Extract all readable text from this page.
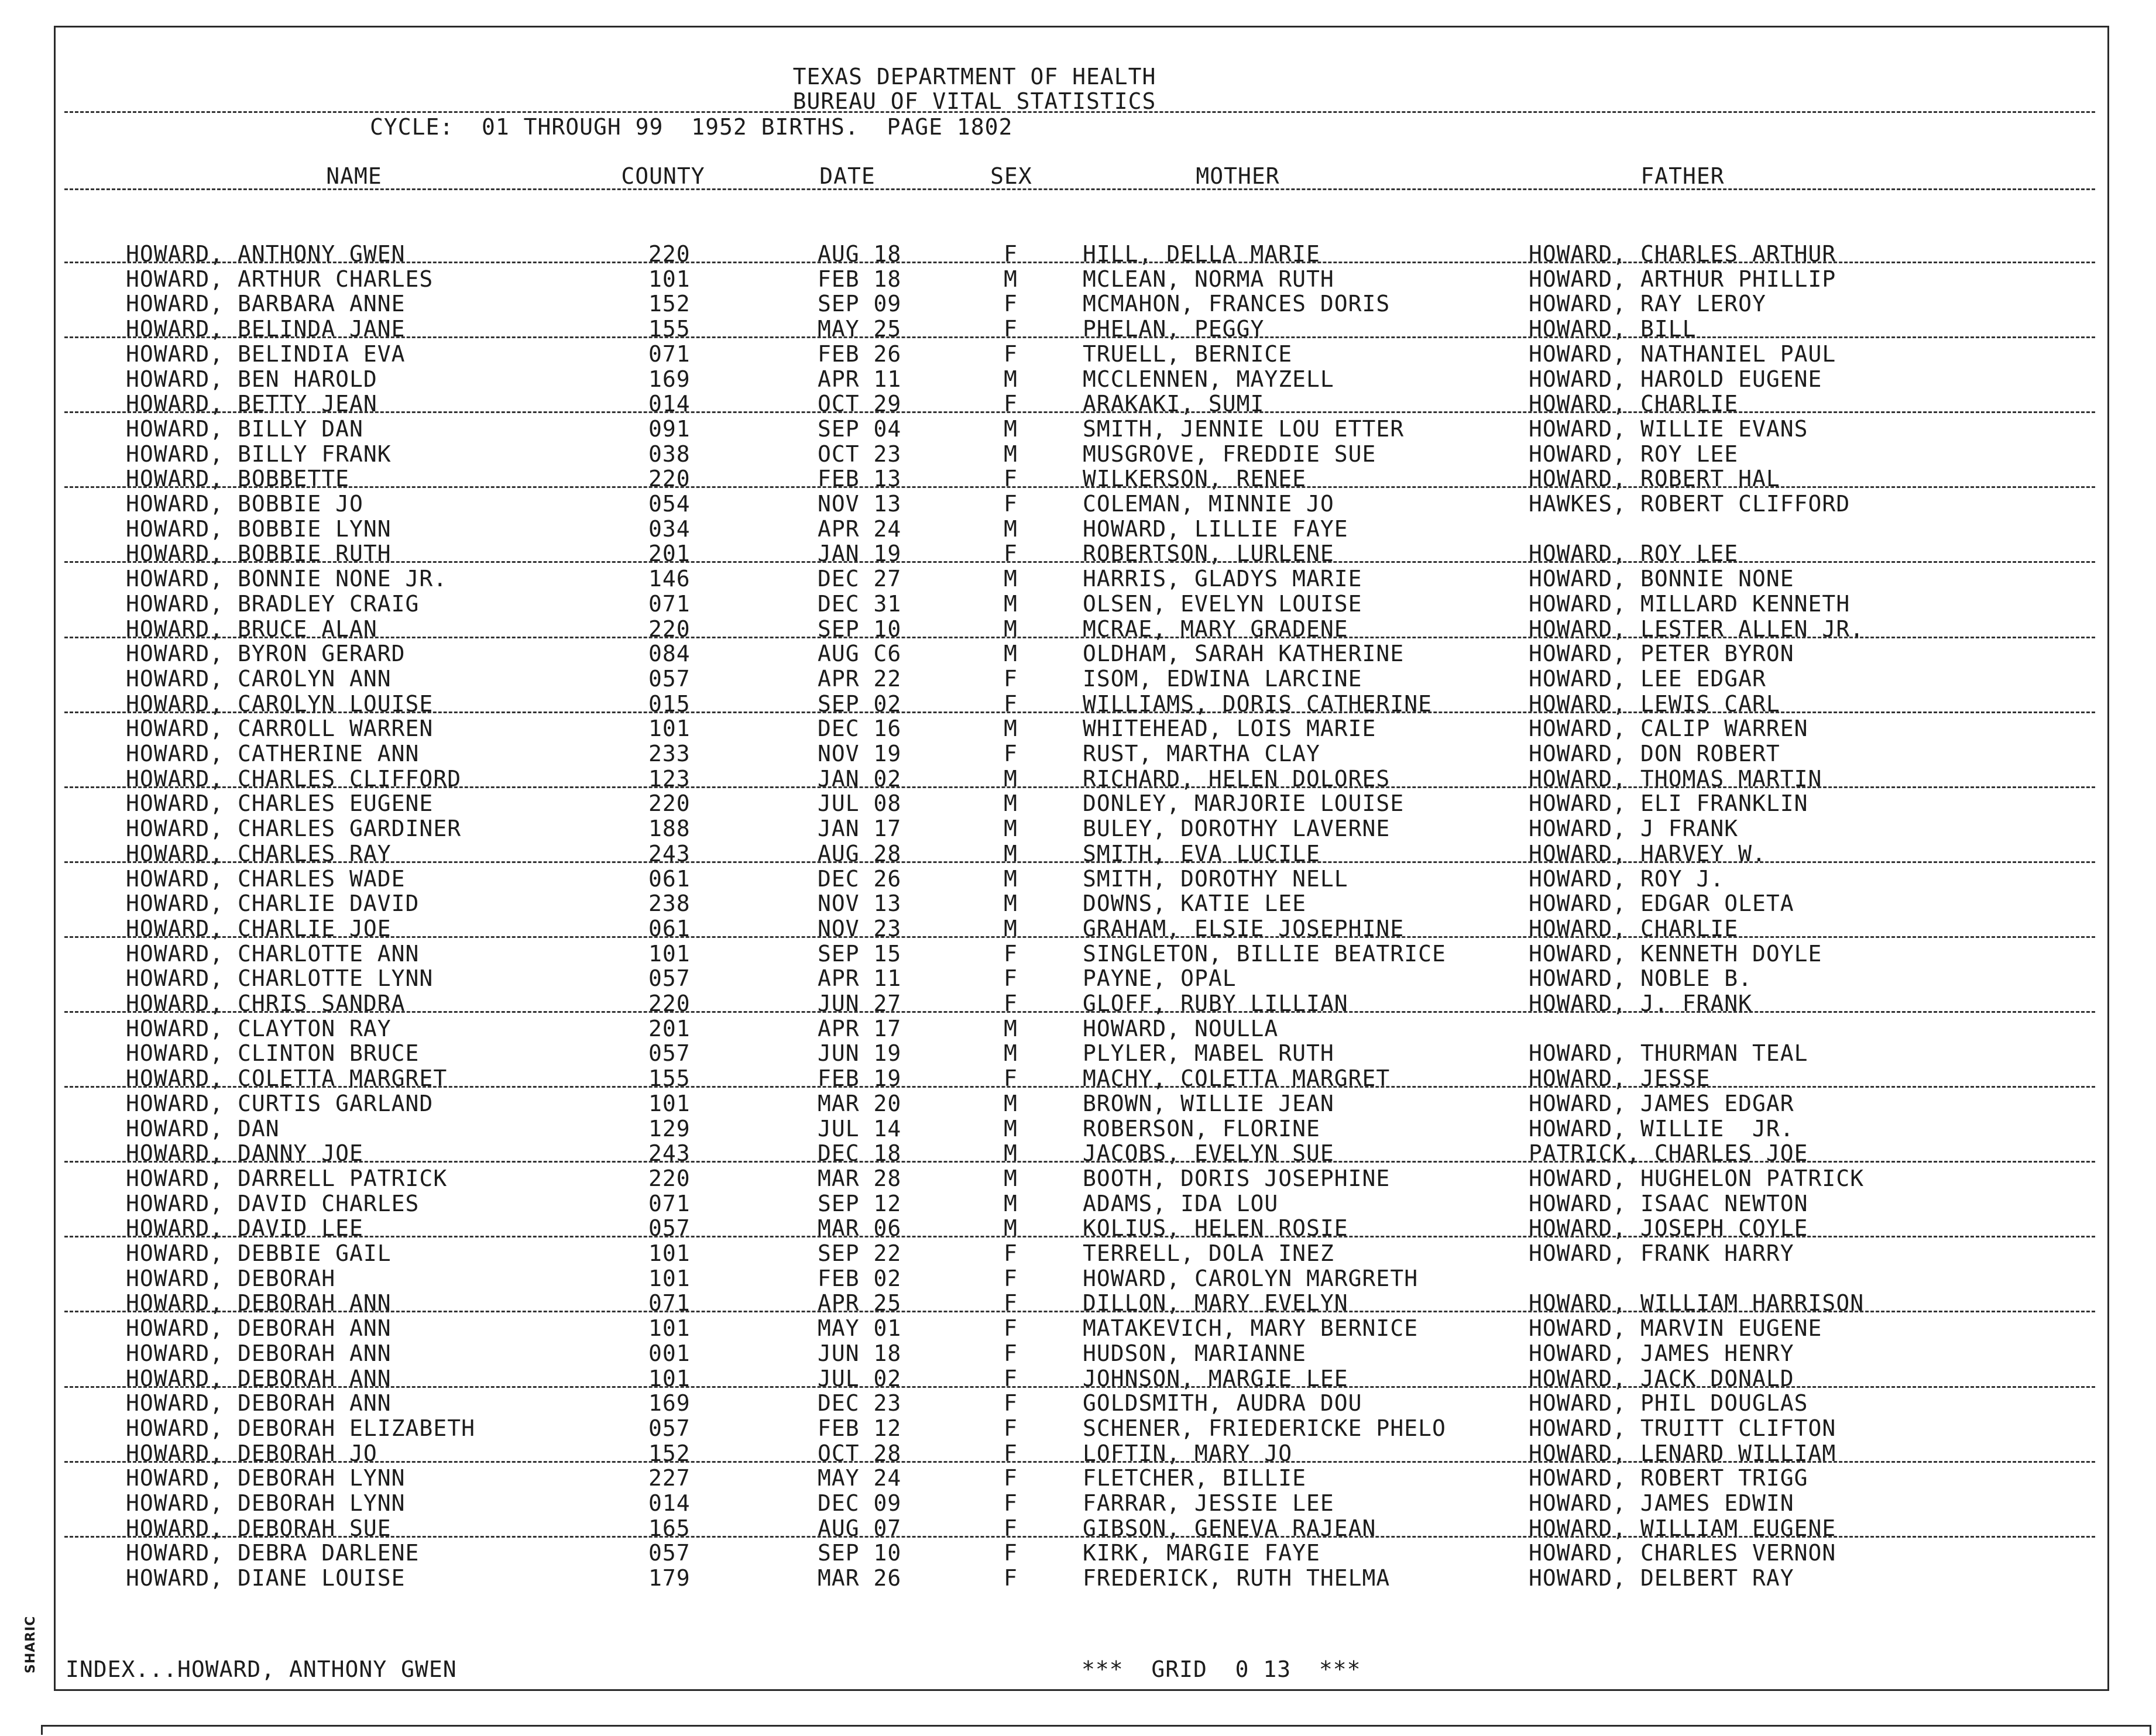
TEXAS DEPARTMENT OF HEALTH
BUREAU OF VITAL STATISTICS
CYCLE:  01 THROUGH 99  1952 BIRTHS.  PAGE 1802
NAME	COUNTY	DATE	SEX	MOTHER	FATHER
HOWARD, ANTHONY GWEN	220	AUG 18	F	HILL, DELLA MARIE	HOWARD, CHARLES ARTHUR
HOWARD, ARTHUR CHARLES	101	FEB 18	M	MCLEAN, NORMA RUTH	HOWARD, ARTHUR PHILLIP
HOWARD, BARBARA ANNE	152	SEP 09	F	MCMAHON, FRANCES DORIS	HOWARD, RAY LEROY
HOWARD, BELINDA JANE	155	MAY 25	F	PHELAN, PEGGY	HOWARD, BILL
HOWARD, BELINDIA EVA	071	FEB 26	F	TRUELL, BERNICE	HOWARD, NATHANIEL PAUL
HOWARD, BEN HAROLD	169	APR 11	M	MCCLENNEN, MAYZELL	HOWARD, HAROLD EUGENE
HOWARD, BETTY JEAN	014	OCT 29	F	ARAKAKI, SUMI	HOWARD, CHARLIE
HOWARD, BILLY DAN	091	SEP 04	M	SMITH, JENNIE LOU ETTER	HOWARD, WILLIE EVANS
HOWARD, BILLY FRANK	038	OCT 23	M	MUSGROVE, FREDDIE SUE	HOWARD, ROY LEE
HOWARD, BOBBETTE	220	FEB 13	F	WILKERSON, RENEE	HOWARD, ROBERT HAL
HOWARD, BOBBIE JO	054	NOV 13	F	COLEMAN, MINNIE JO	HAWKES, ROBERT CLIFFORD
HOWARD, BOBBIE LYNN	034	APR 24	M	HOWARD, LILLIE FAYE
HOWARD, BOBBIE RUTH	201	JAN 19	F	ROBERTSON, LURLENE	HOWARD, ROY LEE
HOWARD, BONNIE NONE JR.	146	DEC 27	M	HARRIS, GLADYS MARIE	HOWARD, BONNIE NONE
HOWARD, BRADLEY CRAIG	071	DEC 31	M	OLSEN, EVELYN LOUISE	HOWARD, MILLARD KENNETH
HOWARD, BRUCE ALAN	220	SEP 10	M	MCRAE, MARY GRADENE	HOWARD, LESTER ALLEN JR.
HOWARD, BYRON GERARD	084	AUG C6	M	OLDHAM, SARAH KATHERINE	HOWARD, PETER BYRON
HOWARD, CAROLYN ANN	057	APR 22	F	ISOM, EDWINA LARCINE	HOWARD, LEE EDGAR
HOWARD, CAROLYN LOUISE	015	SEP 02	F	WILLIAMS, DORIS CATHERINE	HOWARD, LEWIS CARL
HOWARD, CARROLL WARREN	101	DEC 16	M	WHITEHEAD, LOIS MARIE	HOWARD, CALIP WARREN
HOWARD, CATHERINE ANN	233	NOV 19	F	RUST, MARTHA CLAY	HOWARD, DON ROBERT
HOWARD, CHARLES CLIFFORD	123	JAN 02	M	RICHARD, HELEN DOLORES	HOWARD, THOMAS MARTIN
HOWARD, CHARLES EUGENE	220	JUL 08	M	DONLEY, MARJORIE LOUISE	HOWARD, ELI FRANKLIN
HOWARD, CHARLES GARDINER	188	JAN 17	M	BULEY, DOROTHY LAVERNE	HOWARD, J FRANK
HOWARD, CHARLES RAY	243	AUG 28	M	SMITH, EVA LUCILE	HOWARD, HARVEY W.
HOWARD, CHARLES WADE	061	DEC 26	M	SMITH, DOROTHY NELL	HOWARD, ROY J.
HOWARD, CHARLIE DAVID	238	NOV 13	M	DOWNS, KATIE LEE	HOWARD, EDGAR OLETA
HOWARD, CHARLIE JOE	061	NOV 23	M	GRAHAM, ELSIE JOSEPHINE	HOWARD, CHARLIE
HOWARD, CHARLOTTE ANN	101	SEP 15	F	SINGLETON, BILLIE BEATRICE	HOWARD, KENNETH DOYLE
HOWARD, CHARLOTTE LYNN	057	APR 11	F	PAYNE, OPAL	HOWARD, NOBLE B.
HOWARD, CHRIS SANDRA	220	JUN 27	F	GLOFF, RUBY LILLIAN	HOWARD, J. FRANK
HOWARD, CLAYTON RAY	201	APR 17	M	HOWARD, NOULLA
HOWARD, CLINTON BRUCE	057	JUN 19	M	PLYLER, MABEL RUTH	HOWARD, THURMAN TEAL
HOWARD, COLETTA MARGRET	155	FEB 19	F	MACHY, COLETTA MARGRET	HOWARD, JESSE
HOWARD, CURTIS GARLAND	101	MAR 20	M	BROWN, WILLIE JEAN	HOWARD, JAMES EDGAR
HOWARD, DAN	129	JUL 14	M	ROBERSON, FLORINE	HOWARD, WILLIE  JR.
HOWARD, DANNY JOE	243	DEC 18	M	JACOBS, EVELYN SUE	PATRICK, CHARLES JOE
HOWARD, DARRELL PATRICK	220	MAR 28	M	BOOTH, DORIS JOSEPHINE	HOWARD, HUGHELON PATRICK
HOWARD, DAVID CHARLES	071	SEP 12	M	ADAMS, IDA LOU	HOWARD, ISAAC NEWTON
HOWARD, DAVID LEE	057	MAR 06	M	KOLIUS, HELEN ROSIE	HOWARD, JOSEPH COYLE
HOWARD, DEBBIE GAIL	101	SEP 22	F	TERRELL, DOLA INEZ	HOWARD, FRANK HARRY
HOWARD, DEBORAH	101	FEB 02	F	HOWARD, CAROLYN MARGRETH
HOWARD, DEBORAH ANN	071	APR 25	F	DILLON, MARY EVELYN	HOWARD, WILLIAM HARRISON
HOWARD, DEBORAH ANN	101	MAY 01	F	MATAKEVICH, MARY BERNICE	HOWARD, MARVIN EUGENE
HOWARD, DEBORAH ANN	001	JUN 18	F	HUDSON, MARIANNE	HOWARD, JAMES HENRY
HOWARD, DEBORAH ANN	101	JUL 02	F	JOHNSON, MARGIE LEE	HOWARD, JACK DONALD
HOWARD, DEBORAH ANN	169	DEC 23	F	GOLDSMITH, AUDRA DOU	HOWARD, PHIL DOUGLAS
HOWARD, DEBORAH ELIZABETH	057	FEB 12	F	SCHENER, FRIEDERICKE PHELO	HOWARD, TRUITT CLIFTON
HOWARD, DEBORAH JO	152	OCT 28	F	LOFTIN, MARY JO	HOWARD, LENARD WILLIAM
HOWARD, DEBORAH LYNN	227	MAY 24	F	FLETCHER, BILLIE	HOWARD, ROBERT TRIGG
HOWARD, DEBORAH LYNN	014	DEC 09	F	FARRAR, JESSIE LEE	HOWARD, JAMES EDWIN
HOWARD, DEBORAH SUE	165	AUG 07	F	GIBSON, GENEVA RAJEAN	HOWARD, WILLIAM EUGENE
HOWARD, DEBRA DARLENE	057	SEP 10	F	KIRK, MARGIE FAYE	HOWARD, CHARLES VERNON
HOWARD, DIANE LOUISE	179	MAR 26	F	FREDERICK, RUTH THELMA	HOWARD, DELBERT RAY
INDEX...HOWARD, ANTHONY GWEN	***  GRID  0 13  ***
SHARIC
